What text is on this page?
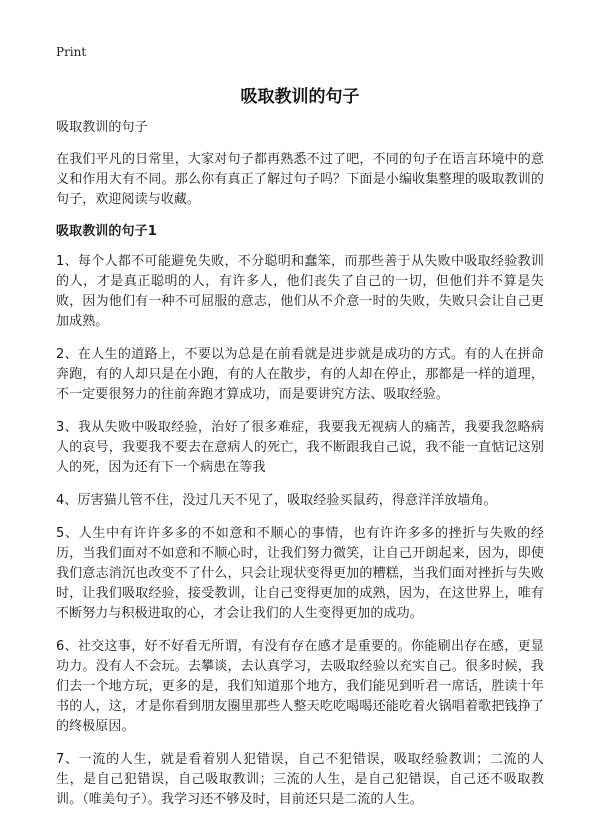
Print
吸取教训的句子

吸取教训的句子

在我们平凡的日常里，大家对句子都再熟悉不过了吧，不同的句子在语言环境中的意义和作用大有不同。那么你有真正了解过句子吗？下面是小编收集整理的吸取教训的句子，欢迎阅读与收藏。

吸取教训的句子1

1、每个人都不可能避免失败，不分聪明和蠢笨，而那些善于从失败中吸取经验教训的人，才是真正聪明的人，有许多人，他们丧失了自己的一切，但他们并不算是失败，因为他们有一种不可屈服的意志，他们从不介意一时的失败，失败只会让自己更加成熟。

2、在人生的道路上，不要以为总是在前看就是进步就是成功的方式。有的人在拼命奔跑，有的人却只是在小跑，有的人在散步，有的人却在停止，那都是一样的道理，不一定要很努力的往前奔跑才算成功，而是要讲究方法、吸取经验。

3、我从失败中吸取经验，治好了很多难症，我要我无视病人的痛苦，我要我忽略病人的哀号，我要我不要去在意病人的死亡，我不断跟我自己说，我不能一直惦记这别人的死，因为还有下一个病患在等我

4、厉害猫儿管不住，没过几天不见了，吸取经验买鼠药，得意洋洋放墙角。

5、人生中有许许多多的不如意和不顺心的事情，也有许许多多的挫折与失败的经历，当我们面对不如意和不顺心时，让我们努力微笑，让自己开朗起来，因为，即使我们意志消沉也改变不了什么，只会让现状变得更加的糟糕，当我们面对挫折与失败时，让我们吸取经验，接受教训，让自己变得更加的成熟，因为，在这世界上，唯有不断努力与积极进取的心，才会让我们的人生变得更加的成功。

6、社交这事，好不好看无所谓，有没有存在感才是重要的。你能刷出存在感，更显功力。没有人不会玩。去攀谈，去认真学习，去吸取经验以充实自己。很多时候，我们去一个地方玩，更多的是，我们知道那个地方，我们能见到听君一席话，胜读十年书的人，这，才是你看到朋友圈里那些人整天吃吃喝喝还能吃着火锅唱着歌把钱挣了的终极原因。

7、一流的人生，就是看着别人犯错误，自己不犯错误，吸取经验教训；二流的人生，是自己犯错误，自己吸取教训；三流的人生，是自己犯错误，自己还不吸取教训。（唯美句子）。我学习还不够及时，目前还只是二流的人生。
